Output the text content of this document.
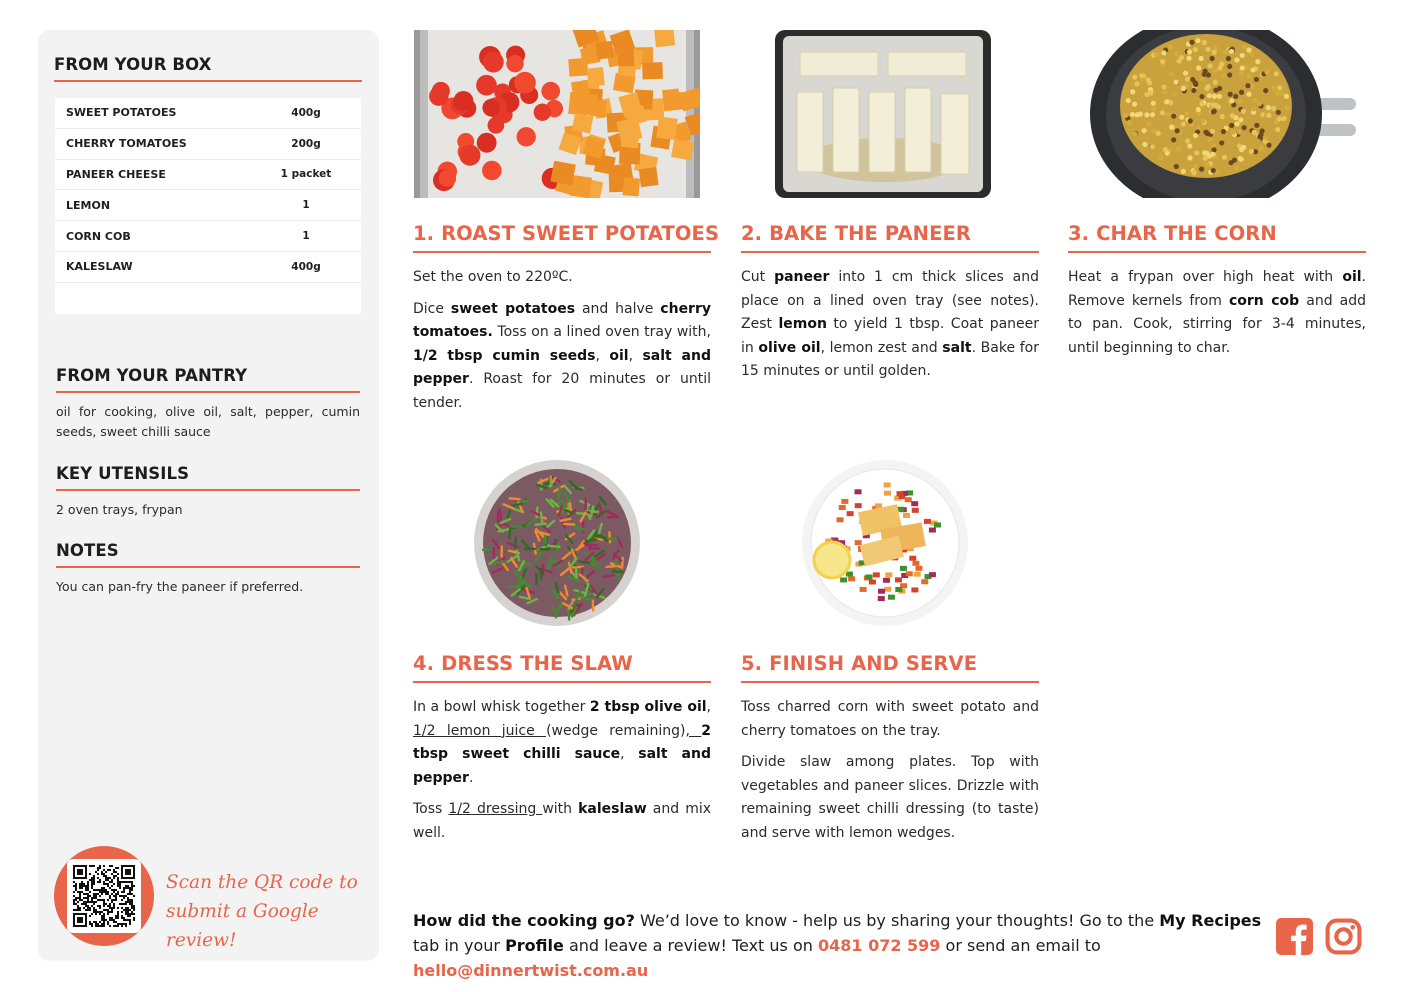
FROM YOUR BOX
SWEET POTATOES	400g
CHERRY TOMATOES	200g
PANEER CHEESE	1 packet
LEMON	1
CORN COB	1
KALESLAW	400g
FROM YOUR PANTRY
oil for cooking, olive oil, salt, pepper, cumin seeds, sweet chilli sauce
KEY UTENSILS
2 oven trays, frypan
NOTES
You can pan-fry the paneer if preferred.
Scan the QR code to
submit a Google review!
1. ROAST SWEET POTATOES

Set the oven to 220ºC.

Dice sweet potatoes and halve cherry tomatoes. Toss on a lined oven tray with, 1/2 tbsp cumin seeds, oil, salt and pepper. Roast for 20 minutes or until tender.

2. BAKE THE PANEER

Cut paneer into 1 cm thick slices and place on a lined oven tray (see notes). Zest lemon to yield 1 tbsp. Coat paneer in olive oil, lemon zest and salt. Bake for 15 minutes or until golden.

3. CHAR THE CORN

Heat a frypan over high heat with oil. Remove kernels from corn cob and add to pan. Cook, stirring for 3-4 minutes, until beginning to char.

4. DRESS THE SLAW

In a bowl whisk together 2 tbsp olive oil, 1/2 lemon juice (wedge remaining), 2 tbsp sweet chilli sauce, salt and pepper.

Toss 1/2 dressing with kaleslaw and mix well.

5. FINISH AND SERVE

Toss charred corn with sweet potato and cherry tomatoes on the tray.

Divide slaw among plates. Top with vegetables and paneer slices. Drizzle with remaining sweet chilli dressing (to taste) and serve with lemon wedges.

How did the cooking go? We’d love to know - help us by sharing your thoughts! Go to the My Recipes tab in your Profile and leave a review! Text us on 0481 072 599 or send an email to hello@dinnertwist.com.au
